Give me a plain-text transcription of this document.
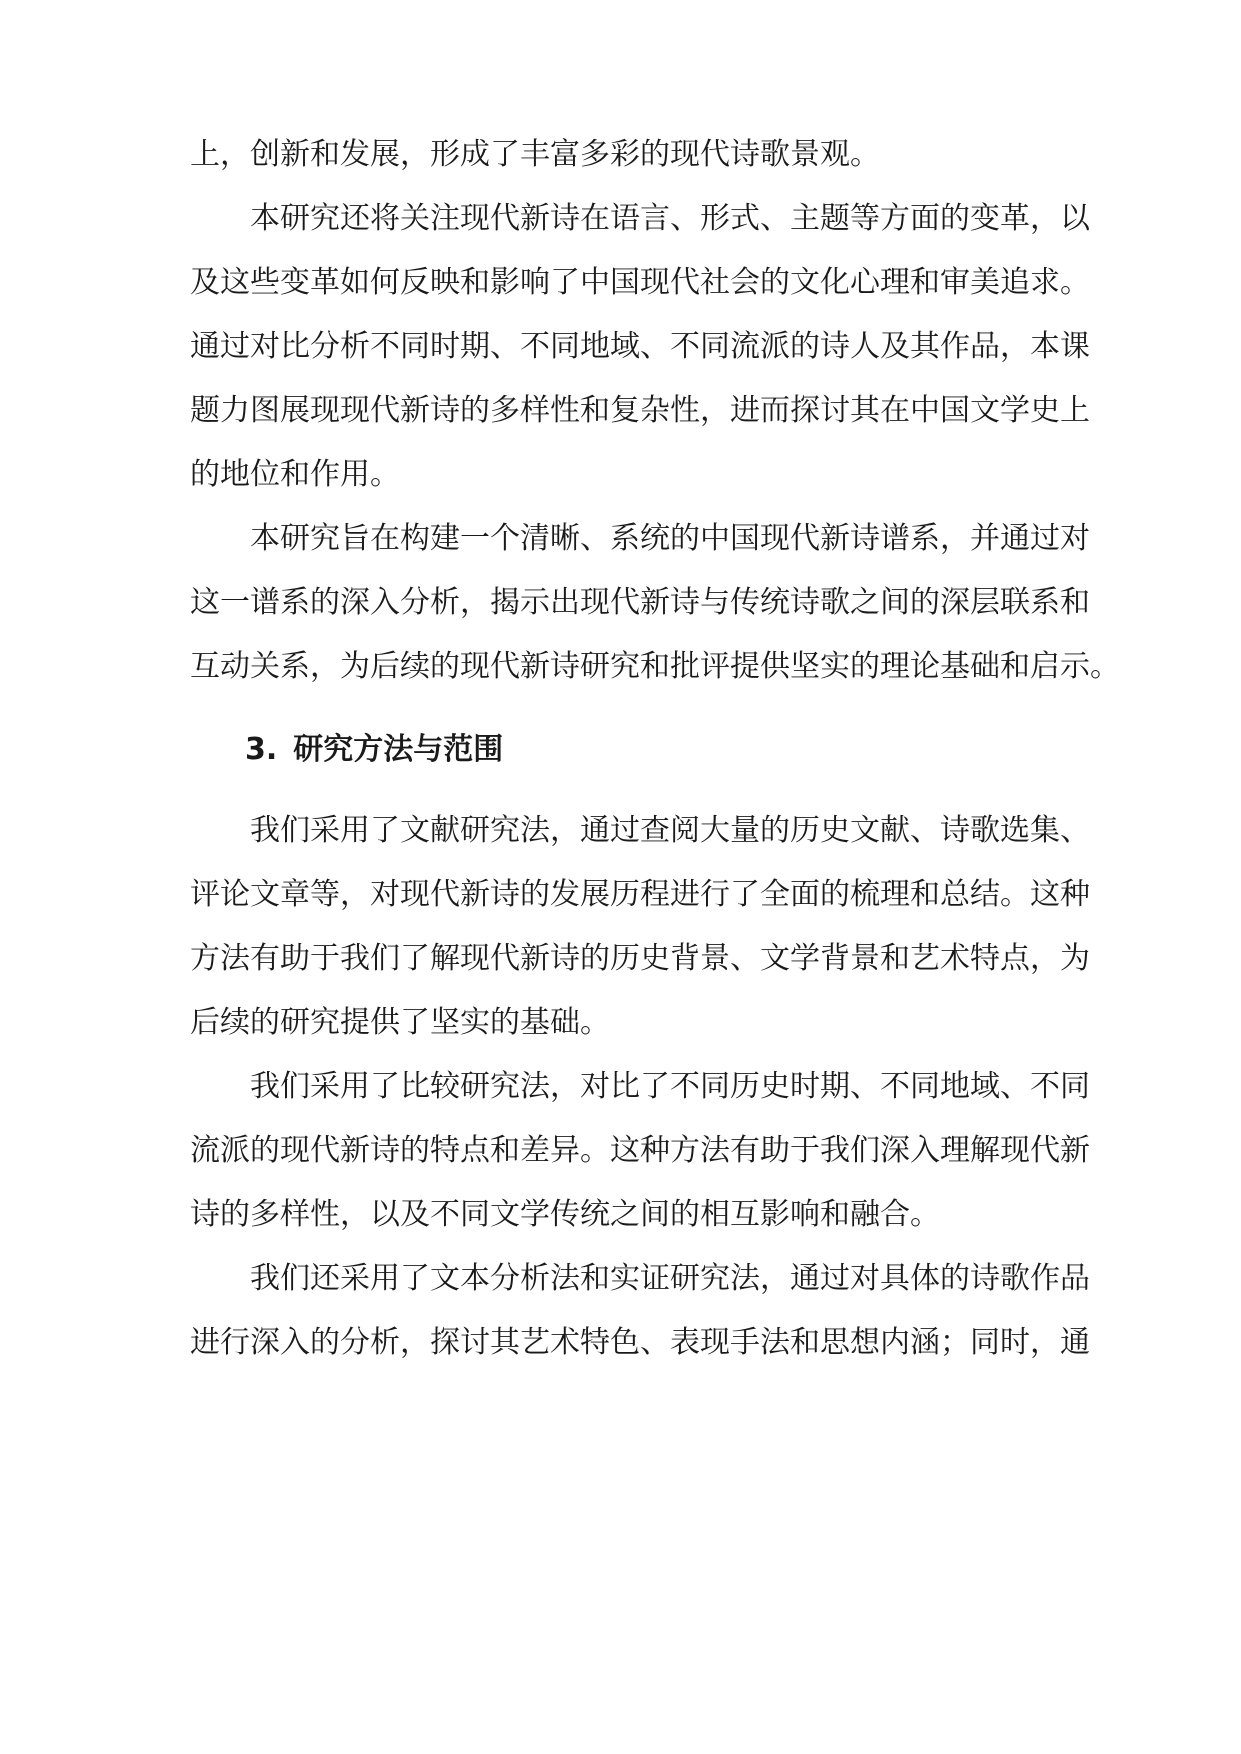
上，创新和发展，形成了丰富多彩的现代诗歌景观。
本研究还将关注现代新诗在语言、形式、主题等方面的变革，以
及这些变革如何反映和影响了中国现代社会的文化心理和审美追求。
通过对比分析不同时期、不同地域、不同流派的诗人及其作品，本课
题力图展现现代新诗的多样性和复杂性，进而探讨其在中国文学史上
的地位和作用。
本研究旨在构建一个清晰、系统的中国现代新诗谱系，并通过对
这一谱系的深入分析，揭示出现代新诗与传统诗歌之间的深层联系和
互动关系，为后续的现代新诗研究和批评提供坚实的理论基础和启示。
3. 研究方法与范围
我们采用了文献研究法，通过查阅大量的历史文献、诗歌选集、
评论文章等，对现代新诗的发展历程进行了全面的梳理和总结。这种
方法有助于我们了解现代新诗的历史背景、文学背景和艺术特点，为
后续的研究提供了坚实的基础。
我们采用了比较研究法，对比了不同历史时期、不同地域、不同
流派的现代新诗的特点和差异。这种方法有助于我们深入理解现代新
诗的多样性，以及不同文学传统之间的相互影响和融合。
我们还采用了文本分析法和实证研究法，通过对具体的诗歌作品
进行深入的分析，探讨其艺术特色、表现手法和思想内涵；同时，通
